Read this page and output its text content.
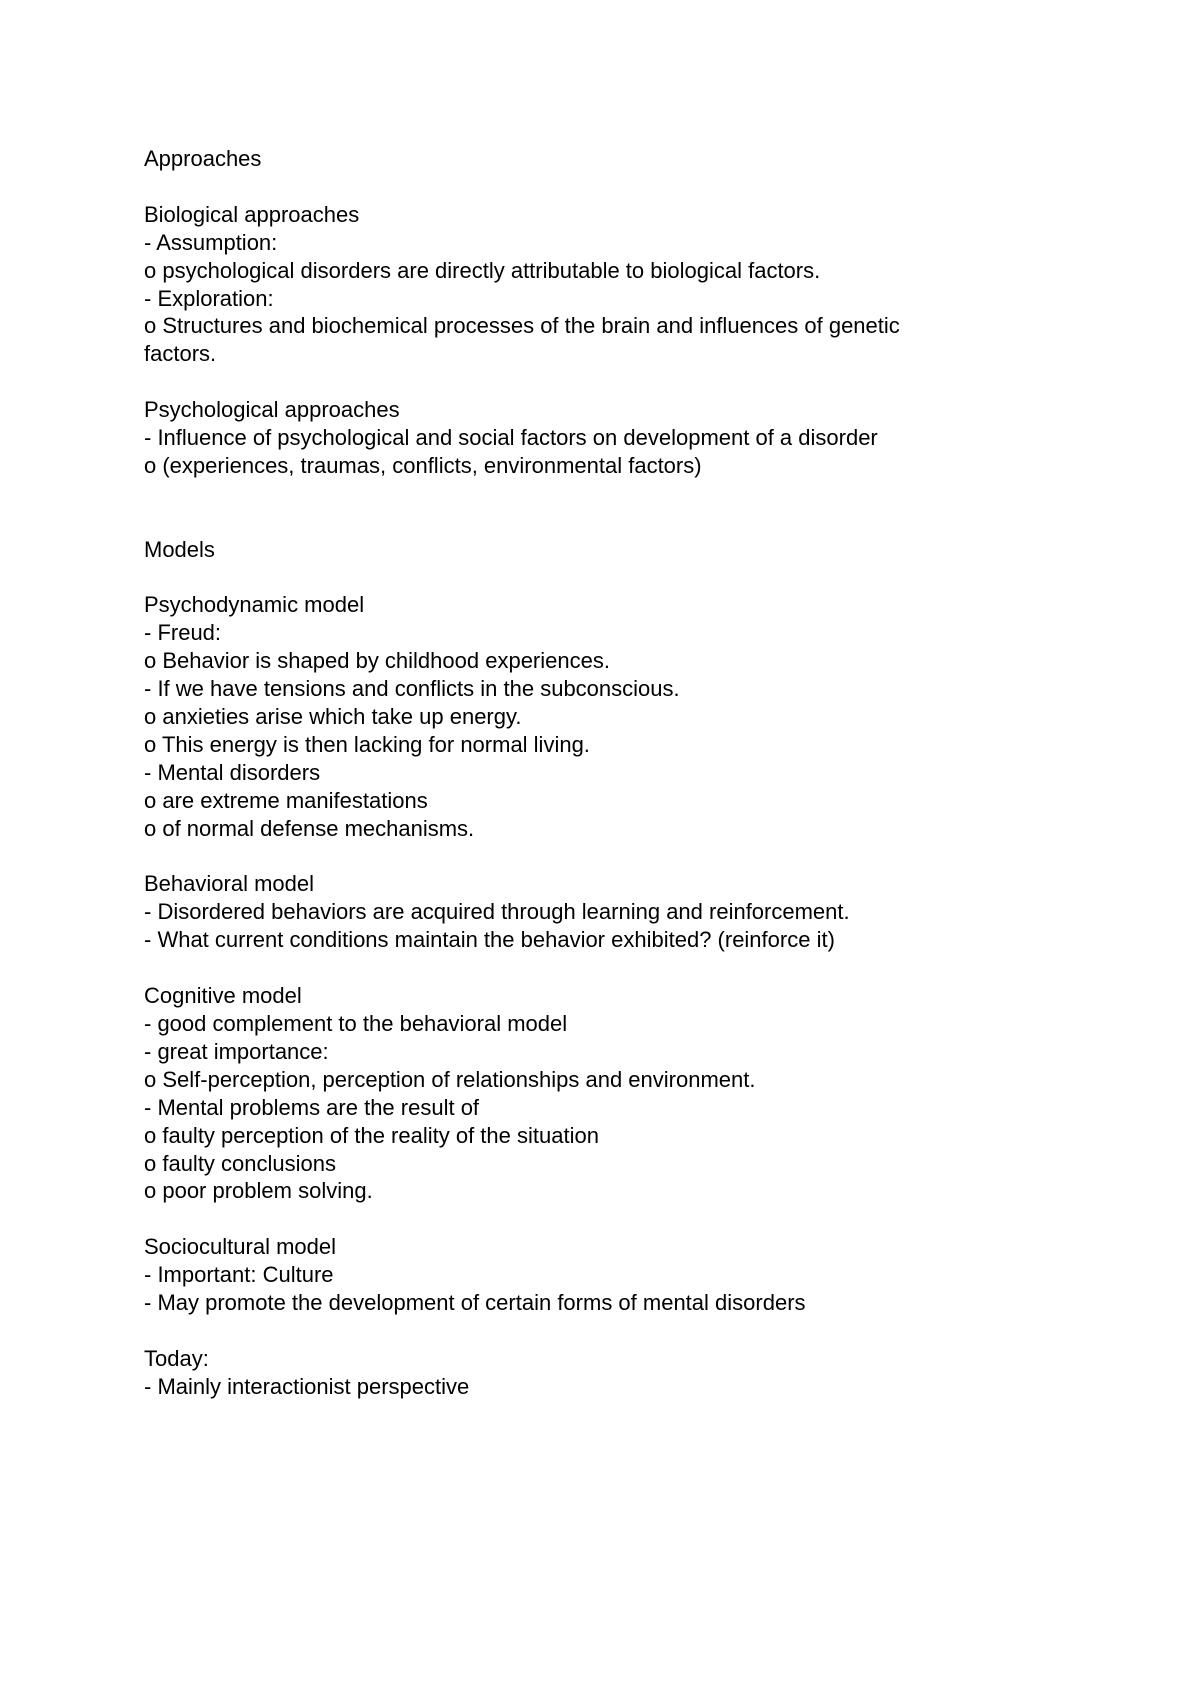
Approaches
Biological approaches
- Assumption:
o psychological disorders are directly attributable to biological factors.
- Exploration:
o Structures and biochemical processes of the brain and influences of genetic
factors.
Psychological approaches
- Influence of psychological and social factors on development of a disorder
o (experiences, traumas, conflicts, environmental factors)
Models
Psychodynamic model
- Freud:
o Behavior is shaped by childhood experiences.
- If we have tensions and conflicts in the subconscious.
o anxieties arise which take up energy.
o This energy is then lacking for normal living.
- Mental disorders
o are extreme manifestations
o of normal defense mechanisms.
Behavioral model
- Disordered behaviors are acquired through learning and reinforcement.
- What current conditions maintain the behavior exhibited? (reinforce it)
Cognitive model
- good complement to the behavioral model
- great importance:
o Self-perception, perception of relationships and environment.
- Mental problems are the result of
o faulty perception of the reality of the situation
o faulty conclusions
o poor problem solving.
Sociocultural model
- Important: Culture
- May promote the development of certain forms of mental disorders
Today:
- Mainly interactionist perspective
